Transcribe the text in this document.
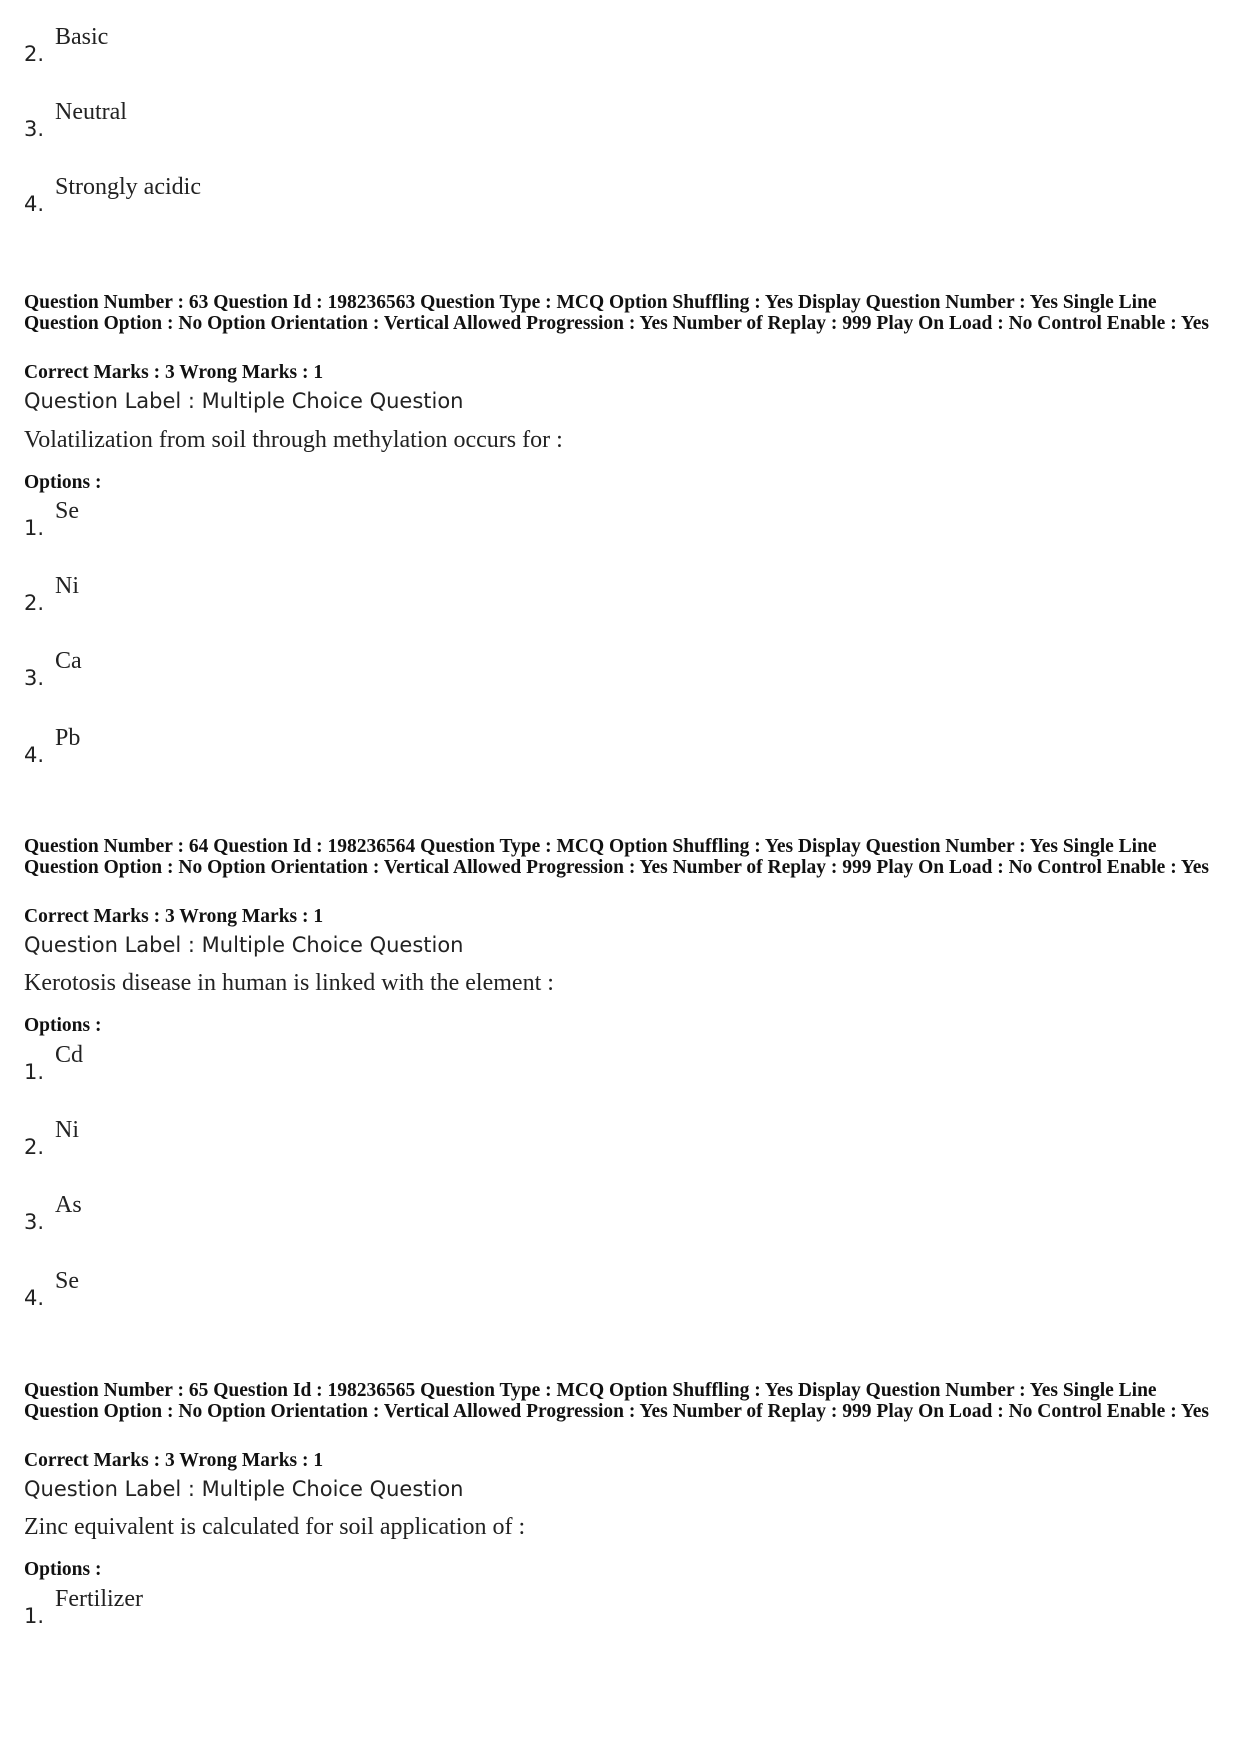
2.
Basic
3.
Neutral
4.
Strongly acidic
Question Number : 63 Question Id : 198236563 Question Type : MCQ Option Shuffling : Yes Display Question Number : Yes Single Line Question Option : No Option Orientation : Vertical Allowed Progression : Yes Number of Replay : 999 Play On Load : No Control Enable : Yes
Correct Marks : 3 Wrong Marks : 1
Question Label : Multiple Choice Question
Volatilization from soil through methylation occurs for :
Options :
1.
Se
2.
Ni
3.
Ca
4.
Pb
Question Number : 64 Question Id : 198236564 Question Type : MCQ Option Shuffling : Yes Display Question Number : Yes Single Line Question Option : No Option Orientation : Vertical Allowed Progression : Yes Number of Replay : 999 Play On Load : No Control Enable : Yes
Correct Marks : 3 Wrong Marks : 1
Question Label : Multiple Choice Question
Kerotosis disease in human is linked with the element :
Options :
1.
Cd
2.
Ni
3.
As
4.
Se
Question Number : 65 Question Id : 198236565 Question Type : MCQ Option Shuffling : Yes Display Question Number : Yes Single Line Question Option : No Option Orientation : Vertical Allowed Progression : Yes Number of Replay : 999 Play On Load : No Control Enable : Yes
Correct Marks : 3 Wrong Marks : 1
Question Label : Multiple Choice Question
Zinc equivalent is calculated for soil application of :
Options :
1.
Fertilizer
